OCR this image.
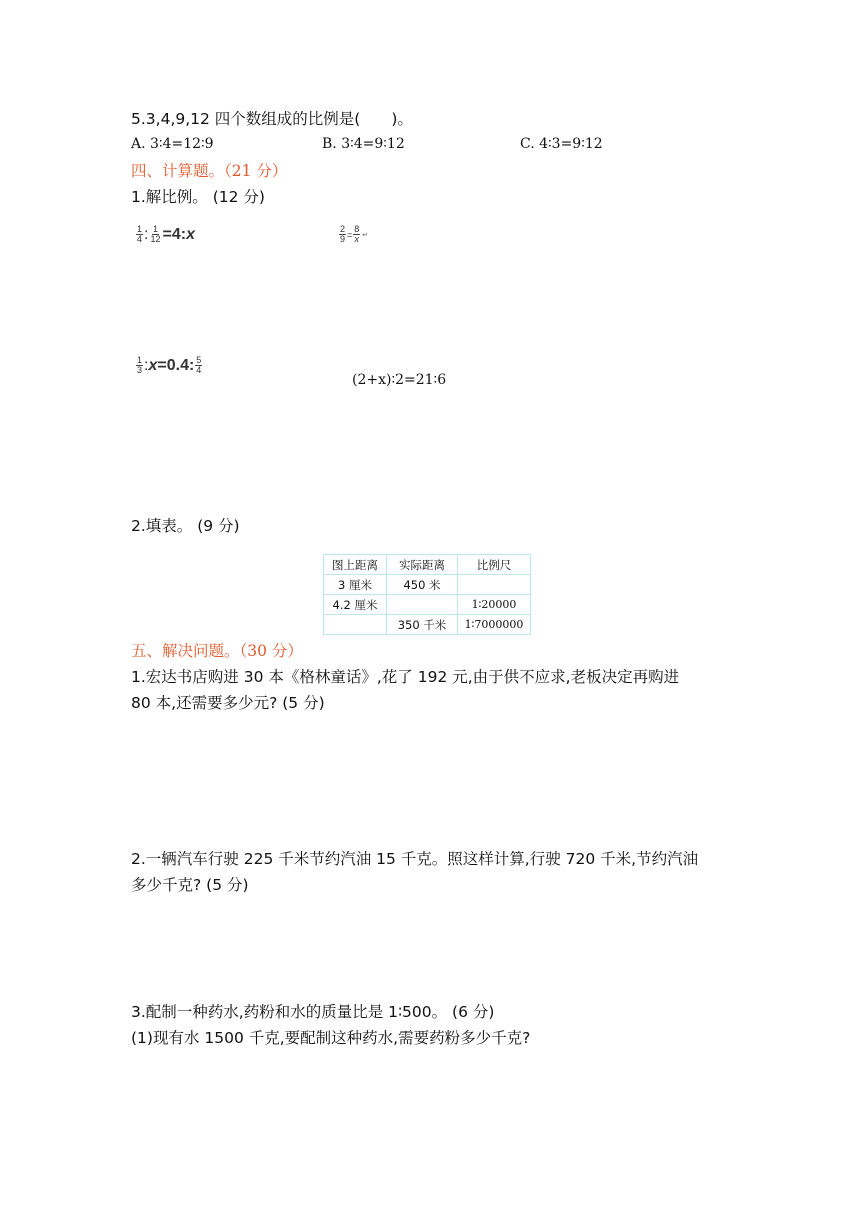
5.3,4,9,12 四个数组成的比例是(　　)。
A. 3∶4=12∶9	B. 3∶4=9∶12	C. 4∶3=9∶12
四、计算题。（21 分）
1.解比例。 (12 分)
$\frac{1}{4}$ : $\frac{1}{12} =4$: x	$\frac{2}{9} = \frac{8}{x}$ ↵
$\frac{1}{3}$ : x =0.4: $\frac{5}{4}$
(2+x)∶2=21∶6
2.填表。 (9 分)
图上距离	实际距离	比例尺
3 厘米	450 米	
4.2 厘米		1∶20000
	350 千米	1∶7000000
五、解决问题。（30 分）
1.宏达书店购进 30 本《格林童话》,花了 192 元,由于供不应求,老板决定再购进
80 本,还需要多少元? (5 分)
2.一辆汽车行驶 225 千米节约汽油 15 千克。照这样计算,行驶 720 千米,节约汽油
多少千克? (5 分)
3.配制一种药水,药粉和水的质量比是 1∶500。 (6 分)
(1)现有水 1500 千克,要配制这种药水,需要药粉多少千克?
